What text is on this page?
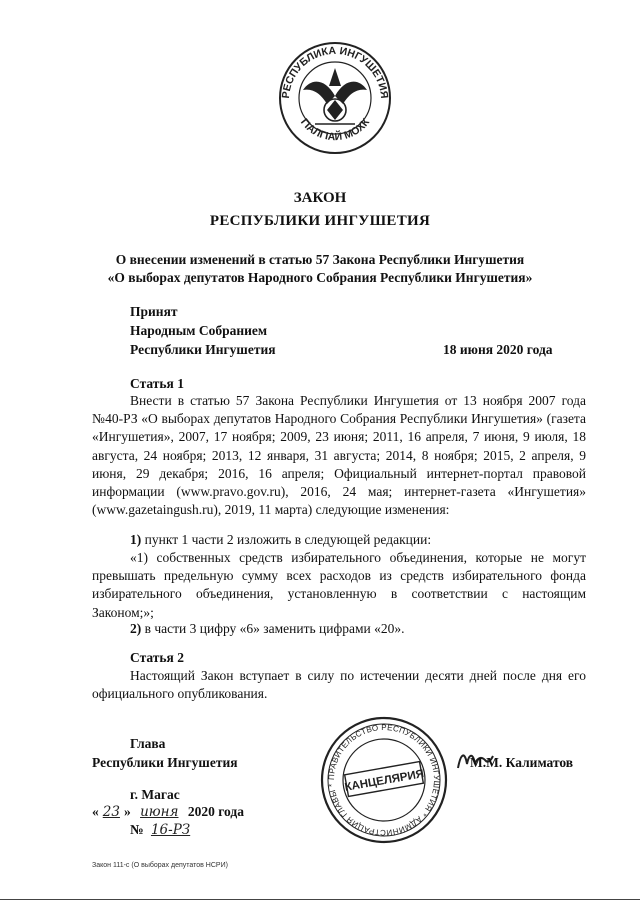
РЕСПУБЛИКА ИНГУШЕТИЯ
ГIАЛГIАЙ МОХК
ЗАКОН
РЕСПУБЛИКИ ИНГУШЕТИЯ
О внесении изменений в статью 57 Закона Республики Ингушетия
«О выборах депутатов Народного Собрания Республики Ингушетия»
Принят
Народным Собранием
Республики Ингушетия	18 июня 2020 года
Статья 1
Внести в статью 57 Закона Республики Ингушетия от 13 ноября 2007 года №40-РЗ «О выборах депутатов Народного Собрания Республики Ингушетия» (газета «Ингушетия», 2007, 17 ноября; 2009, 23 июня; 2011, 16 апреля, 7 июня, 9 июля, 18 августа, 24 ноября; 2013, 12 января, 31 августа; 2014, 8 ноября; 2015, 2 апреля, 9 июня, 29 декабря; 2016, 16 апреля; Официальный интернет-портал правовой информации (www.pravo.gov.ru), 2016, 24 мая; интернет-газета «Ингушетия» (www.gazetaingush.ru), 2019, 11 марта) следующие изменения:
1) пункт 1 части 2 изложить в следующей редакции:
«1) собственных средств избирательного объединения, которые не могут превышать предельную сумму всех расходов из средств избирательного фонда избирательного объединения, установленную в соответствии с настоящим Законом;»;
2) в части 3 цифру «6» заменить цифрами «20».
Статья 2
Настоящий Закон вступает в силу по истечении десяти дней после дня его официального опубликования.
Глава
Республики Ингушетия
ПРАВИТЕЛЬСТВО РЕСПУБЛИКИ ИНГУШЕТИЯ * АДМИНИСТРАЦИЯ ГЛАВЫ * КАНЦЕЛЯРИЯ
М.М. Калиматов
г. Магас
« 23 » июня 2020 года
№ 16-РЗ
Закон 111-с (О выборах депутатов НСРИ)
